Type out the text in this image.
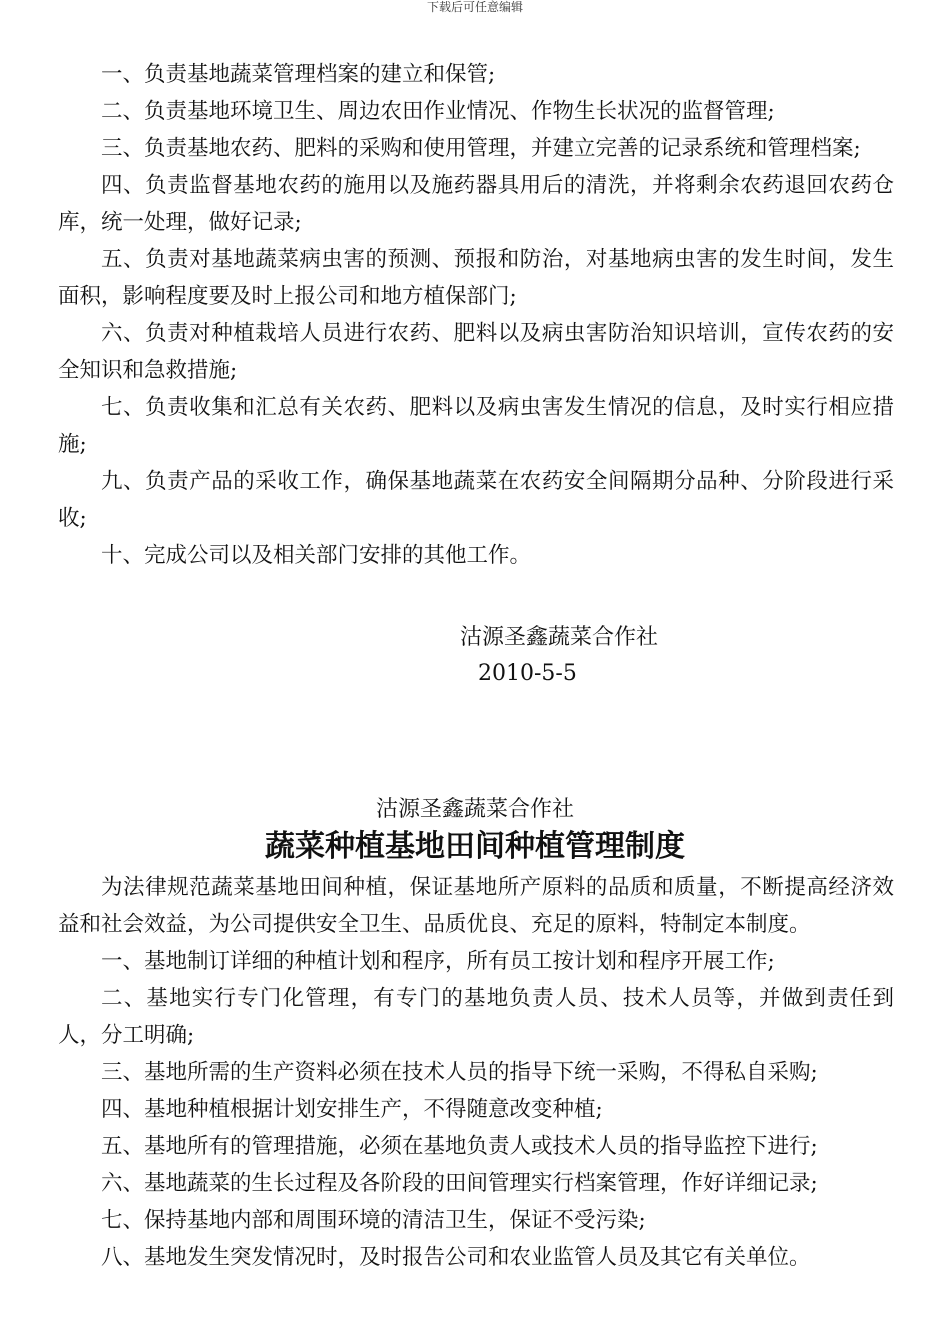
下载后可任意编辑
一、负责基地蔬菜管理档案的建立和保管;
二、负责基地环境卫生、周边农田作业情况、作物生长状况的监督管理;
三、负责基地农药、肥料的采购和使用管理，并建立完善的记录系统和管理档案;
四、负责监督基地农药的施用以及施药器具用后的清洗，并将剩余农药退回农药仓库，统一处理，做好记录;
五、负责对基地蔬菜病虫害的预测、预报和防治，对基地病虫害的发生时间，发生面积，影响程度要及时上报公司和地方植保部门;
六、负责对种植栽培人员进行农药、肥料以及病虫害防治知识培训，宣传农药的安全知识和急救措施;
七、负责收集和汇总有关农药、肥料以及病虫害发生情况的信息，及时实行相应措施;
九、负责产品的采收工作，确保基地蔬菜在农药安全间隔期分品种、分阶段进行采收;
十、完成公司以及相关部门安排的其他工作。
沽源圣鑫蔬菜合作社
2010-5-5
沽源圣鑫蔬菜合作社
蔬菜种植基地田间种植管理制度
为法律规范蔬菜基地田间种植，保证基地所产原料的品质和质量，不断提高经济效益和社会效益，为公司提供安全卫生、品质优良、充足的原料，特制定本制度。
一、基地制订详细的种植计划和程序，所有员工按计划和程序开展工作;
二、基地实行专门化管理，有专门的基地负责人员、技术人员等，并做到责任到人，分工明确;
三、基地所需的生产资料必须在技术人员的指导下统一采购，不得私自采购;
四、基地种植根据计划安排生产，不得随意改变种植;
五、基地所有的管理措施，必须在基地负责人或技术人员的指导监控下进行;
六、基地蔬菜的生长过程及各阶段的田间管理实行档案管理，作好详细记录;
七、保持基地内部和周围环境的清洁卫生，保证不受污染;
八、基地发生突发情况时，及时报告公司和农业监管人员及其它有关单位。
